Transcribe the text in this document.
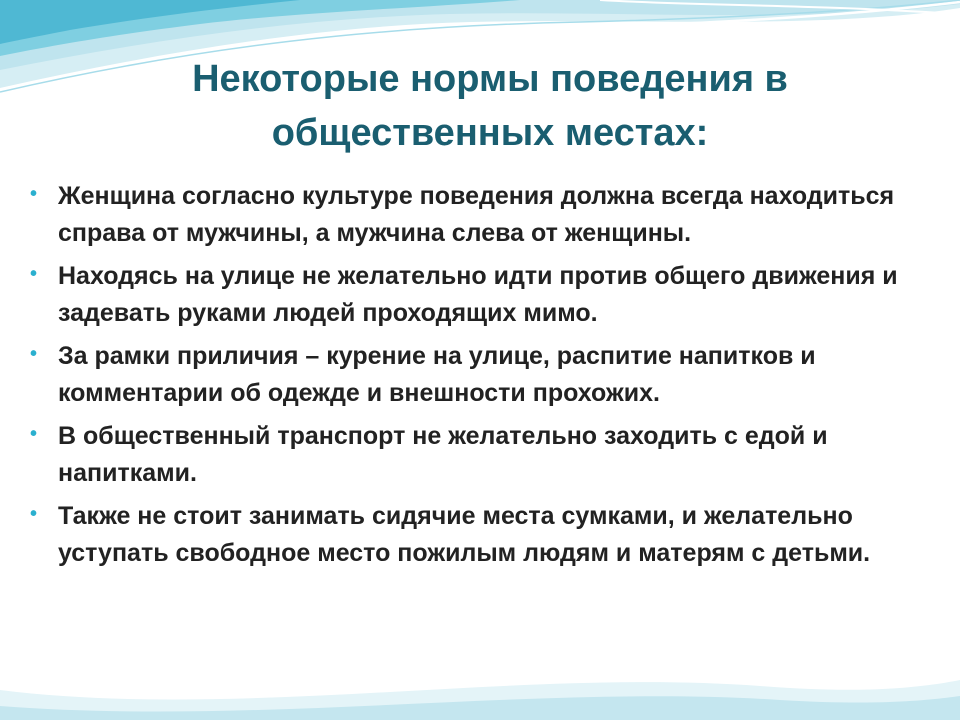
Некоторые нормы поведения в
общественных местах:
• Женщина согласно культуре поведения должна всегда находиться справа от мужчины, а мужчина слева от женщины.
• Находясь на улице не желательно идти против общего движения и задевать руками людей проходящих мимо.
• За рамки приличия – курение на улице, распитие напитков и комментарии об одежде и внешности прохожих.
• В общественный транспорт не желательно заходить с едой и напитками.
• Также не стоит занимать сидячие места сумками, и желательно уступать свободное место пожилым людям и матерям с детьми.
